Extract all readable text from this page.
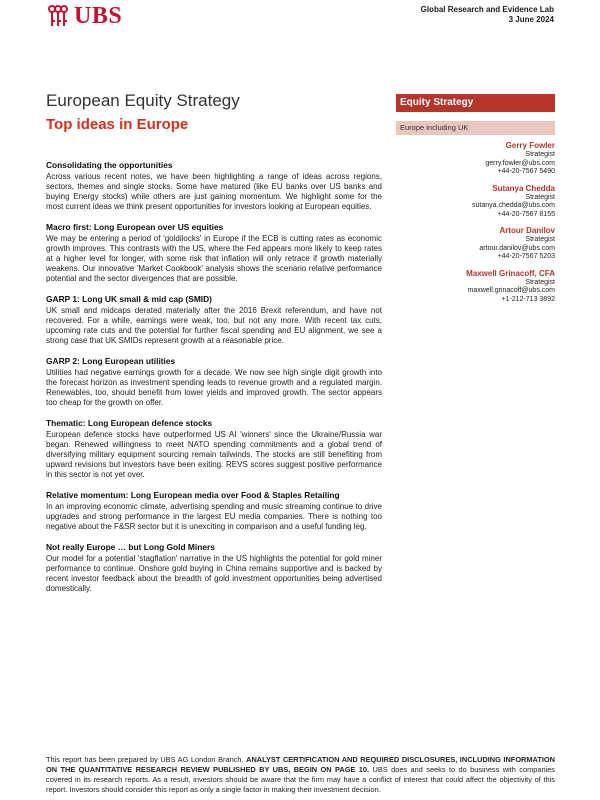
UBS	Global Research and Evidence Lab
3 June 2024
European Equity Strategy
Top ideas in Europe
Consolidating the opportunities

Across various recent notes, we have been highlighting a range of ideas across regions, sectors, themes and single stocks. Some have matured (like EU banks over US banks and buying Energy stocks) while others are just gaining momentum. We highlight some for the most current ideas we think present opportunities for investors looking at European equities.

Macro first: Long European over US equities

We may be entering a period of 'goldilocks' in Europe if the ECB is cutting rates as economic growth improves. This contrasts with the US, where the Fed appears more likely to keep rates at a higher level for longer, with some risk that inflation will only retrace if growth materially weakens. Our innovative 'Market Cookbook' analysis shows the scenario relative performance potential and the sector divergences that are possible.

GARP 1: Long UK small & mid cap (SMID)

UK small and midcaps derated materially after the 2016 Brexit referendum, and have not recovered. For a while, earnings were weak, too, but not any more. With recent tax cuts, upcoming rate cuts and the potential for further fiscal spending and EU alignment, we see a strong case that UK SMIDs represent growth at a reasonable price.

GARP 2: Long European utilities

Utilities had negative earnings growth for a decade. We now see high single digit growth into the forecast horizon as investment spending leads to revenue growth and a regulated margin. Renewables, too, should benefit from lower yields and improved growth. The sector appears too cheap for the growth on offer.

Thematic: Long European defence stocks

European defence stocks have outperformed US AI 'winners' since the Ukraine/Russia war began. Renewed willingness to meet NATO spending commitments and a global trend of diversifying military equipment sourcing remain tailwinds. The stocks are still benefiting from upward revisions but investors have been exiting. REVS scores suggest positive performance in this sector is not yet over.

Relative momentum: Long European media over Food & Staples Retailing

In an improving economic climate, advertising spending and music streaming continue to drive upgrades and strong performance in the largest EU media companies. There is nothing too negative about the F&SR sector but it is unexciting in comparison and a useful funding leg.

Not really Europe … but Long Gold Miners

Our model for a potential 'stagflation' narrative in the US highlights the potential for gold miner performance to continue. Onshore gold buying in China remains supportive and is backed by recent investor feedback about the breadth of gold investment opportunities being advertised domestically.

Equity Strategy
Europe including UK
Gerry Fowler
Strategist
gerry.fowler@ubs.com
+44-20-7567 5490
Sutanya Chedda
Strategist
sutanya.chedda@ubs.com
+44-20-7567 8155
Artour Danilov
Strategist
artour.danilov@ubs.com
+44-20-7567 5203
Maxwell Grinacoff, CFA
Strategist
maxwell.grinacoff@ubs.com
+1-212-713 3892
This report has been prepared by UBS AG London Branch. ANALYST CERTIFICATION AND REQUIRED DISCLOSURES, INCLUDING INFORMATION ON THE QUANTITATIVE RESEARCH REVIEW PUBLISHED BY UBS, BEGIN ON PAGE 10. UBS does and seeks to do business with companies covered in its research reports. As a result, investors should be aware that the firm may have a conflict of interest that could affect the objectivity of this report. Investors should consider this report as only a single factor in making their investment decision.
